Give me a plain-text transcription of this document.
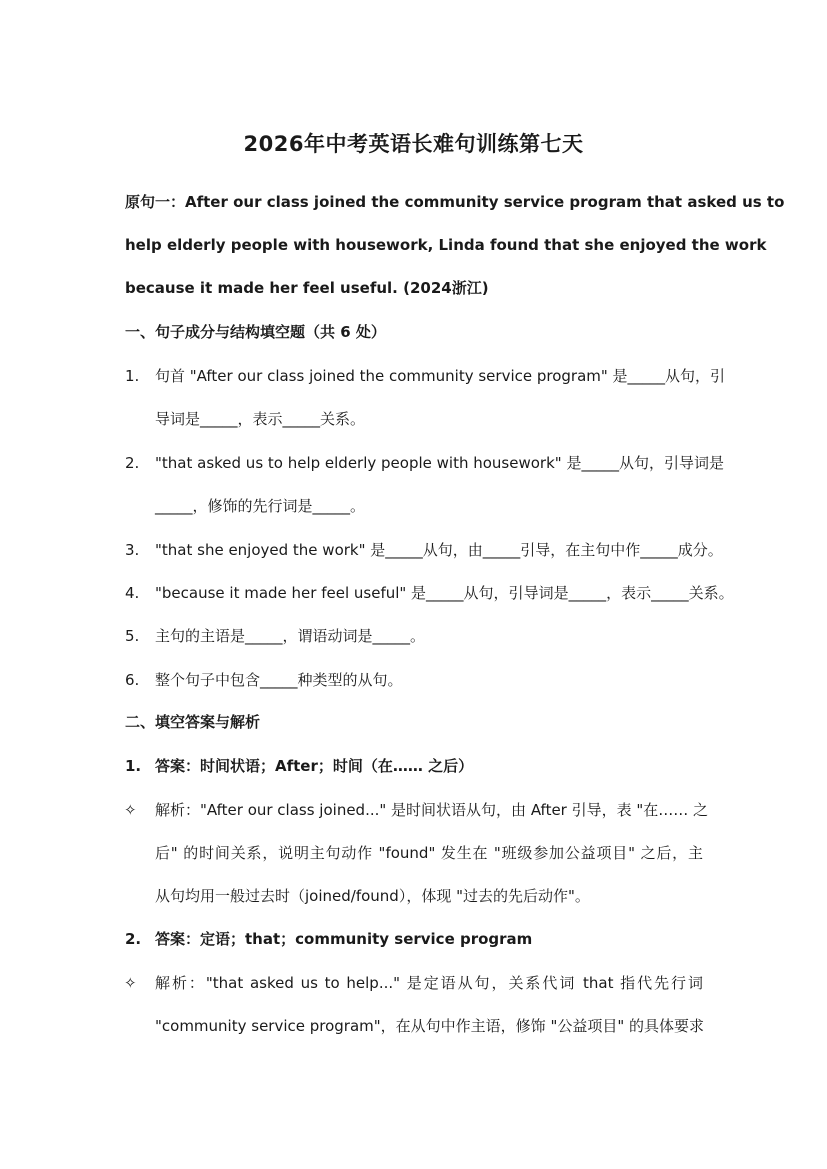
2026年中考英语长难句训练第七天
原句一：After our class joined the community service program that asked us to
help elderly people with housework, Linda found that she enjoyed the work
because it made her feel useful. (2024浙江)
一、句子成分与结构填空题（共 6 处）
1. 句首 "After our class joined the community service program" 是_____从句，引
导词是_____，表示_____关系。
2. "that asked us to help elderly people with housework" 是_____从句，引导词是
_____，修饰的先行词是_____。
3. "that she enjoyed the work" 是_____从句，由_____引导，在主句中作_____成分。
4. "because it made her feel useful" 是_____从句，引导词是_____，表示_____关系。
5. 主句的主语是_____，谓语动词是_____。
6. 整个句子中包含_____种类型的从句。
二、填空答案与解析
1. 答案：时间状语；After；时间（在…… 之后）
✧ 解析："After our class joined..." 是时间状语从句，由 After 引导，表 "在…… 之
后" 的时间关系，说明主句动作 "found" 发生在 "班级参加公益项目" 之后，主
从句均用一般过去时（joined/found），体现 "过去的先后动作"。
2. 答案：定语；that；community service program
✧ 解析："that asked us to help..." 是定语从句，关系代词 that 指代先行词
"community service program"，在从句中作主语，修饰 "公益项目" 的具体要求
